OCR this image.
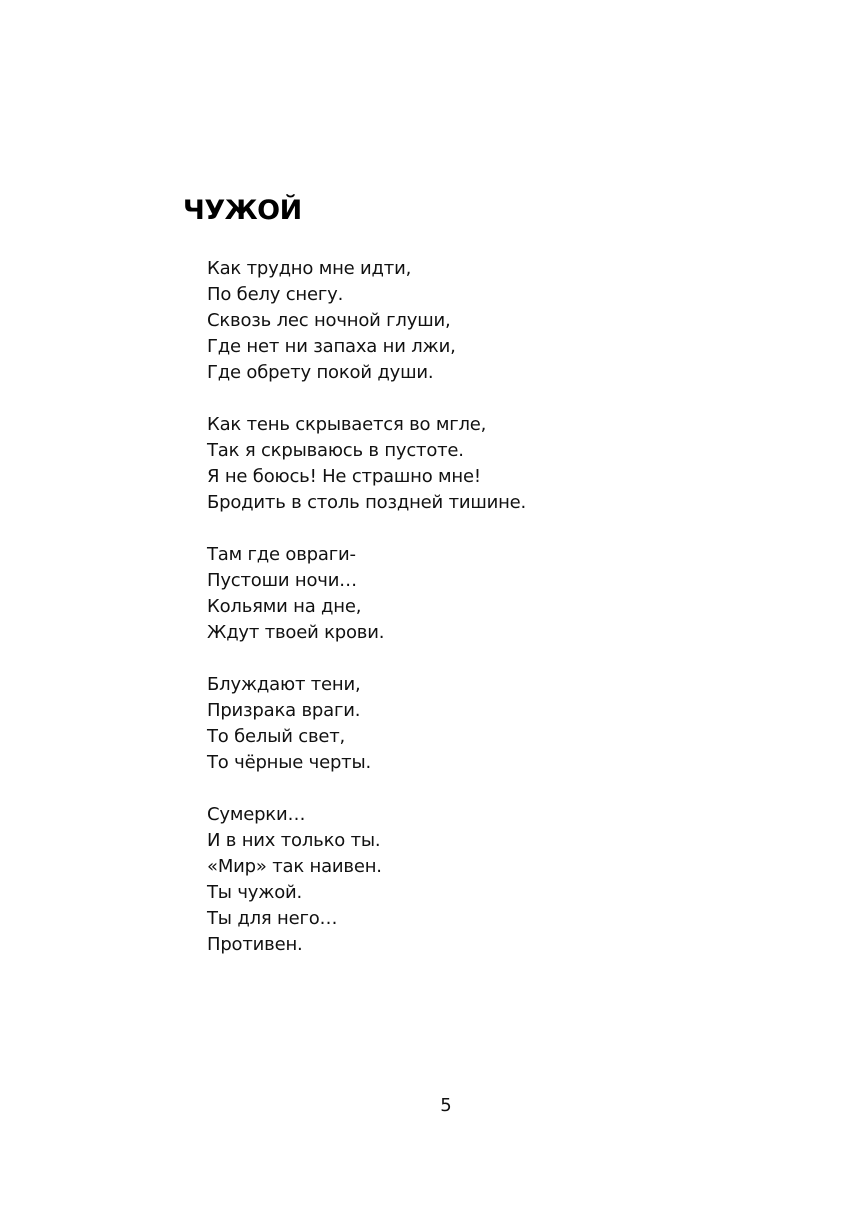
ЧУЖОЙ
Как трудно мне идти,
По белу снегу.
Сквозь лес ночной глуши,
Где нет ни запаха ни лжи,
Где обрету покой души.
Как тень скрывается во мгле,
Так я скрываюсь в пустоте.
Я не боюсь! Не страшно мне!
Бродить в столь поздней тишине.
Там где овраги-
Пустоши ночи…
Кольями на дне,
Ждут твоей крови.
Блуждают тени,
Призрака враги.
То белый свет,
То чёрные черты.
Сумерки…
И в них только ты.
«Мир» так наивен.
Ты чужой.
Ты для него…
Противен.
5
